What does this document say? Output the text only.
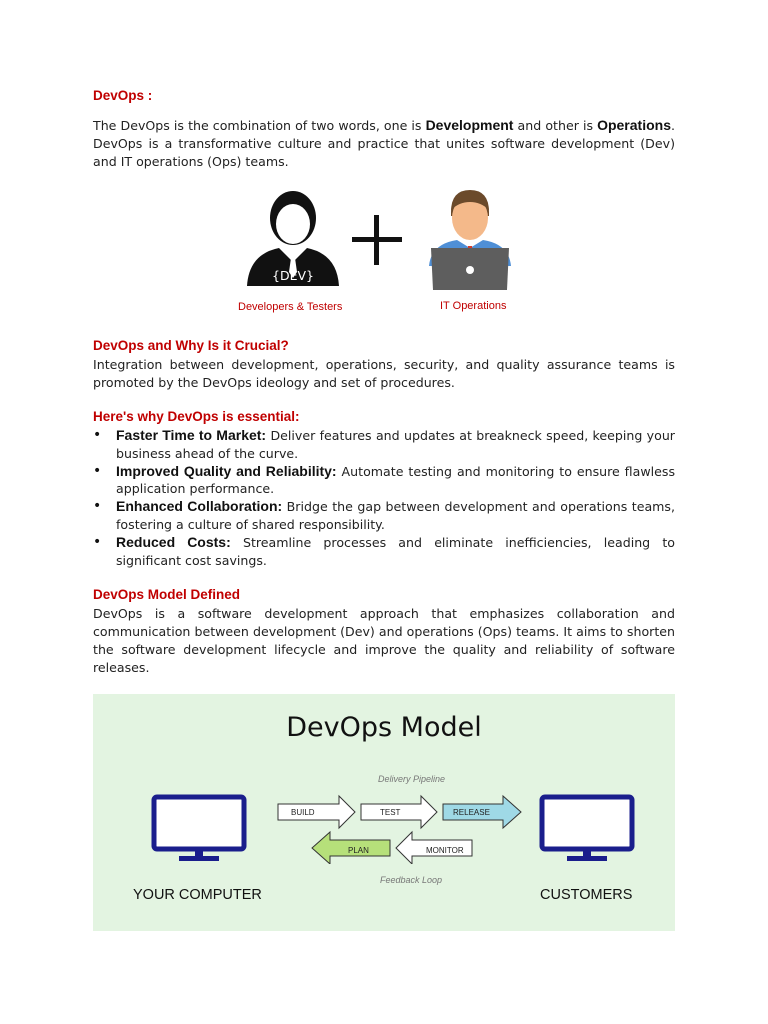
DevOps :

The DevOps is the combination of two words, one is Development and other is Operations. DevOps is a transformative culture and practice that unites software development (Dev) and IT operations (Ops) teams.

{DEV}
Developers & Testers	IT Operations
DevOps and Why Is it Crucial?

Integration between development, operations, security, and quality assurance teams is promoted by the DevOps ideology and set of procedures.

Here's why DevOps is essential:
• Faster Time to Market: Deliver features and updates at breakneck speed, keeping your business ahead of the curve.
• Improved Quality and Reliability: Automate testing and monitoring to ensure flawless application performance.
• Enhanced Collaboration: Bridge the gap between development and operations teams, fostering a culture of shared responsibility.
• Reduced Costs: Streamline processes and eliminate inefficiencies, leading to significant cost savings.
DevOps Model Defined

DevOps is a software development approach that emphasizes collaboration and communication between development (Dev) and operations (Ops) teams. It aims to shorten the software development lifecycle and improve the quality and reliability of software releases.

DevOps Model
Delivery Pipeline
Feedback Loop
BUILD	TEST	RELEASE
PLAN	MONITOR
YOUR COMPUTER	CUSTOMERS
